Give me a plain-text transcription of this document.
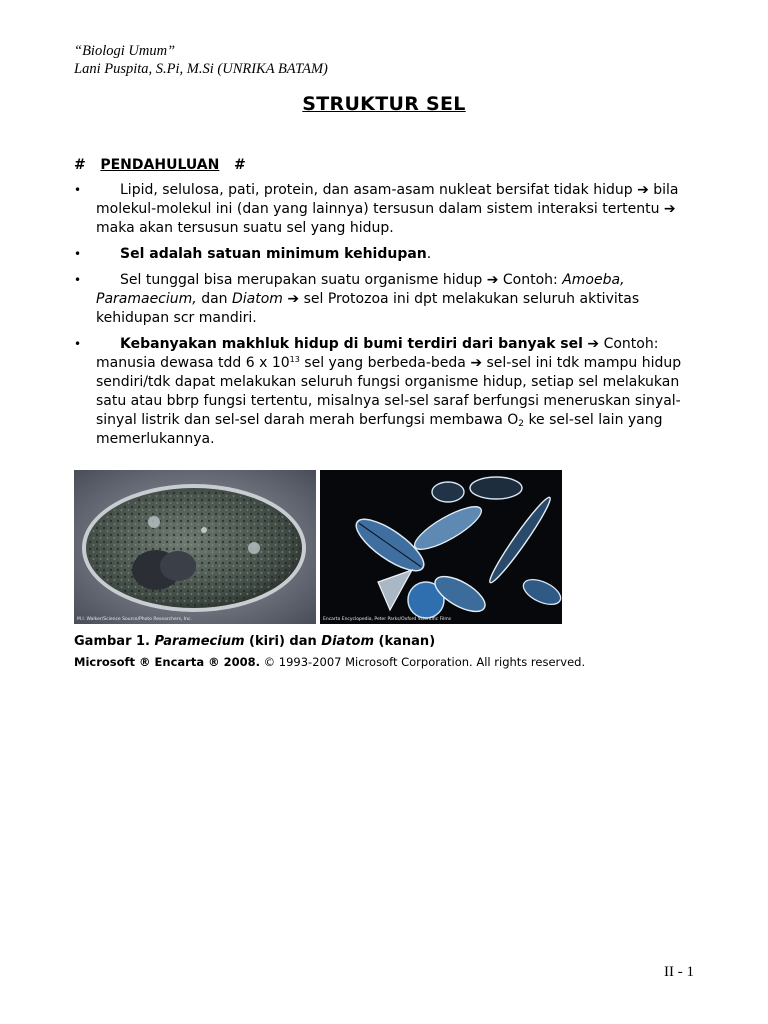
“Biologi Umum”
Lani Puspita, S.Pi, M.Si (UNRIKA BATAM)
STRUKTUR SEL
# PENDAHULUAN #
•	Lipid, selulosa, pati, protein, dan asam-asam nukleat bersifat tidak hidup ➔ bila molekul-molekul ini (dan yang lainnya) tersusun dalam sistem interaksi tertentu ➔ maka akan tersusun suatu sel yang hidup.
•	Sel adalah satuan minimum kehidupan.
•	Sel tunggal bisa merupakan suatu organisme hidup ➔ Contoh: Amoeba, Paramaecium, dan Diatom ➔ sel Protozoa ini dpt melakukan seluruh aktivitas kehidupan scr mandiri.
•	Kebanyakan makhluk hidup di bumi terdiri dari banyak sel ➔ Contoh: manusia dewasa tdd 6 x $10^{13}$ sel yang berbeda-beda ➔ sel-sel ini tdk mampu hidup sendiri/tdk dapat melakukan seluruh fungsi organisme hidup, setiap sel melakukan satu atau bbrp fungsi tertentu, misalnya sel-sel saraf berfungsi meneruskan sinyal-sinyal listrik dan sel-sel darah merah berfungsi membawa $O_2$ ke sel-sel lain yang memerlukannya.
M.I. Walker/Science Source/Photo Researchers, Inc.	Encarta Encyclopedia, Peter Parks/Oxford Scientific Films
Gambar 1. Paramecium (kiri) dan Diatom (kanan)
Microsoft ® Encarta ® 2008. © 1993-2007 Microsoft Corporation. All rights reserved.
II - 1
